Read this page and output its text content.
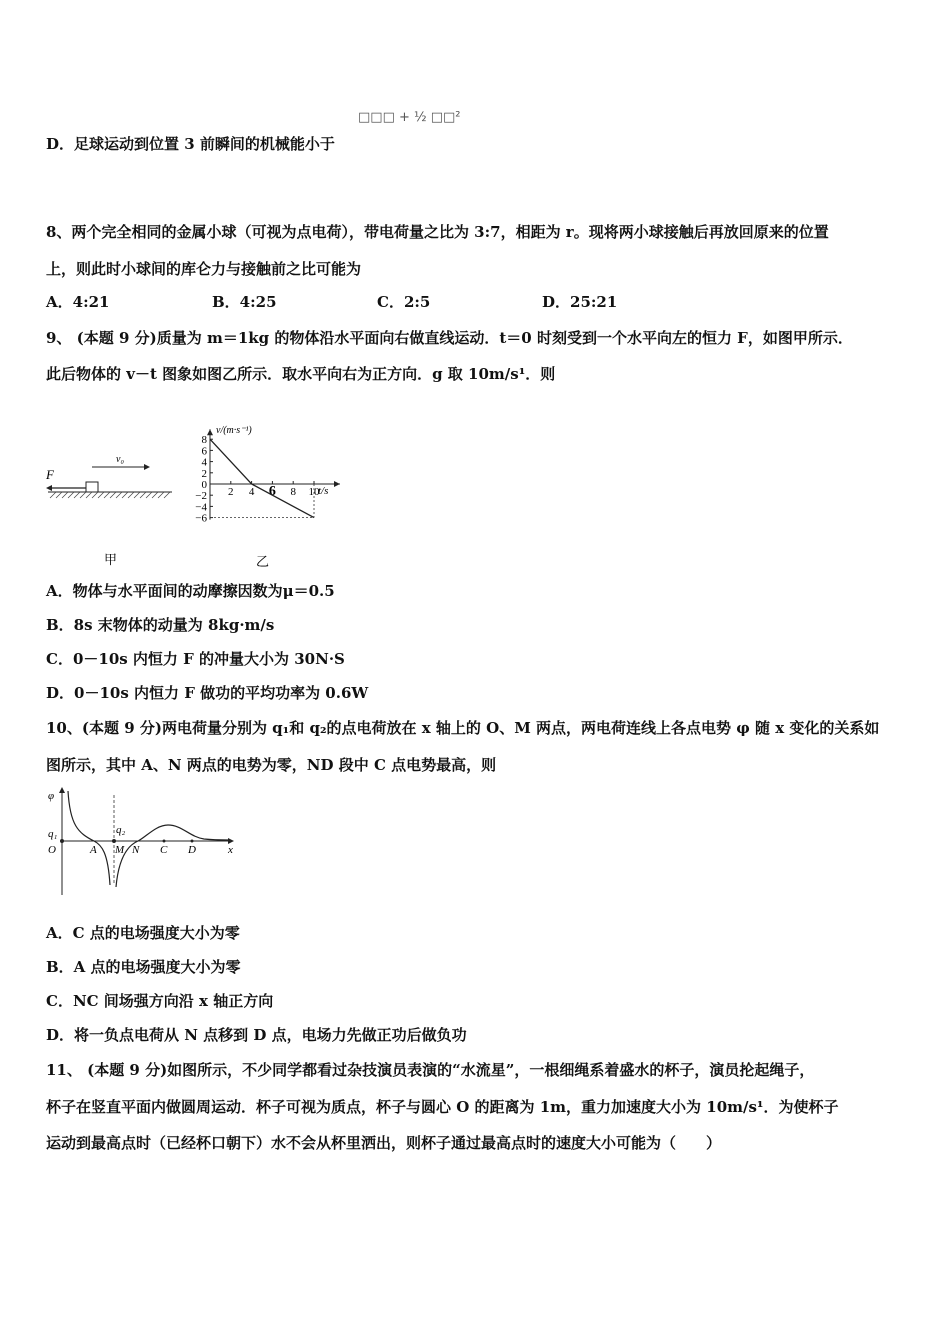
□□□ + ½ □□²
D．足球运动到位置 3 前瞬间的机械能小于
8、两个完全相同的金属小球（可视为点电荷），带电荷量之比为 3:7，相距为 r。现将两小球接触后再放回原来的位置
上，则此时小球间的库仑力与接触前之比可能为
A．4:21	B．4:25	C．2:5	D．25:21
9、 (本题 9 分)质量为 m＝1kg 的物体沿水平面向右做直线运动．t＝0 时刻受到一个水平向左的恒力 F，如图甲所示．
此后物体的 v－t 图象如图乙所示．取水平向右为正方向．g 取 10m/s¹．则
v₀
F
甲
v/(m·s⁻¹)
t/s
−6
−4
−2
0
2
4
6
8
2 4 6 8 10
乙
A．物体与水平面间的动摩擦因数为μ＝0.5
B．8s 末物体的动量为 8kg·m/s
C．0－10s 内恒力 F 的冲量大小为 30N·S
D．0－10s 内恒力 F 做功的平均功率为 0.6W
10、(本题 9 分)两电荷量分别为 q₁和 q₂的点电荷放在 x 轴上的 O、M 两点，两电荷连线上各点电势 φ 随 x 变化的关系如
图所示，其中 A、N 两点的电势为零，ND 段中 C 点电势最高，则
φ
x
q₁
O	A
q₂
M N C D
A．C 点的电场强度大小为零
B．A 点的电场强度大小为零
C．NC 间场强方向沿 x 轴正方向
D．将一负点电荷从 N 点移到 D 点，电场力先做正功后做负功
11、 (本题 9 分)如图所示，不少同学都看过杂技演员表演的“水流星”，一根细绳系着盛水的杯子，演员抡起绳子，
杯子在竖直平面内做圆周运动．杯子可视为质点，杯子与圆心 O 的距离为 1m，重力加速度大小为 10m/s¹．为使杯子
运动到最高点时（已经杯口朝下）水不会从杯里洒出，则杯子通过最高点时的速度大小可能为（　　）
